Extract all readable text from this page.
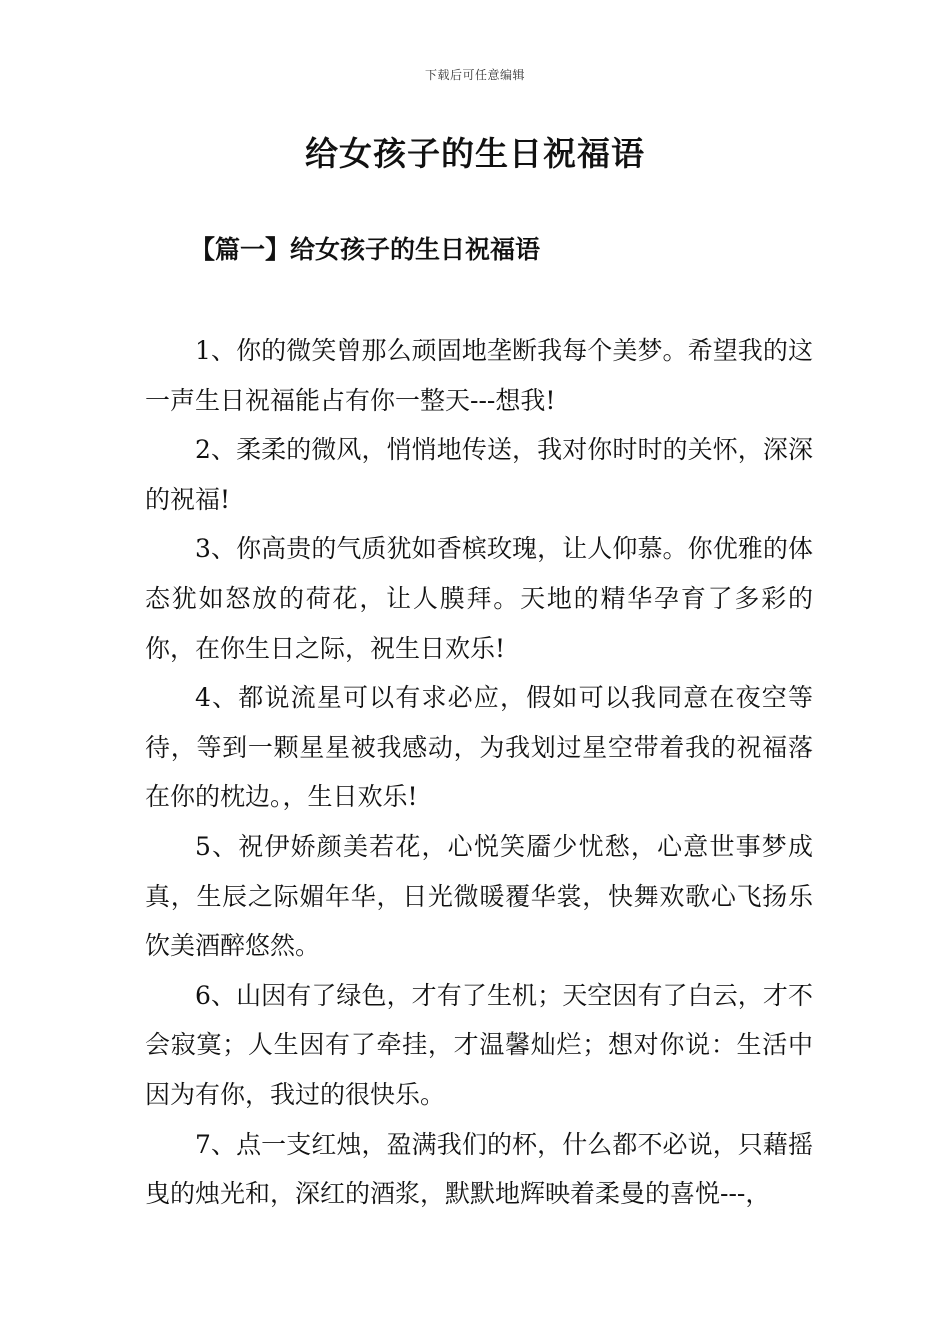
下载后可任意编辑
给女孩子的生日祝福语
【篇一】给女孩子的生日祝福语

1、你的微笑曾那么顽固地垄断我每个美梦。希望我的这一声生日祝福能占有你一整天---想我!

2、柔柔的微风，悄悄地传送，我对你时时的关怀，深深的祝福!

3、你高贵的气质犹如香槟玫瑰，让人仰慕。你优雅的体态犹如怒放的荷花，让人膜拜。天地的精华孕育了多彩的你，在你生日之际，祝生日欢乐!

4、都说流星可以有求必应，假如可以我同意在夜空等待，等到一颗星星被我感动，为我划过星空带着我的祝福落在你的枕边。，生日欢乐!

5、祝伊娇颜美若花，心悦笑靥少忧愁，心意世事梦成真，生辰之际媚年华，日光微暖覆华裳，快舞欢歌心飞扬乐饮美酒醉悠然。

6、山因有了绿色，才有了生机；天空因有了白云，才不会寂寞；人生因有了牵挂，才温馨灿烂；想对你说：生活中因为有你，我过的很快乐。

7、点一支红烛，盈满我们的杯，什么都不必说，只藉摇曳的烛光和，深红的酒浆，默默地辉映着柔曼的喜悦---，
